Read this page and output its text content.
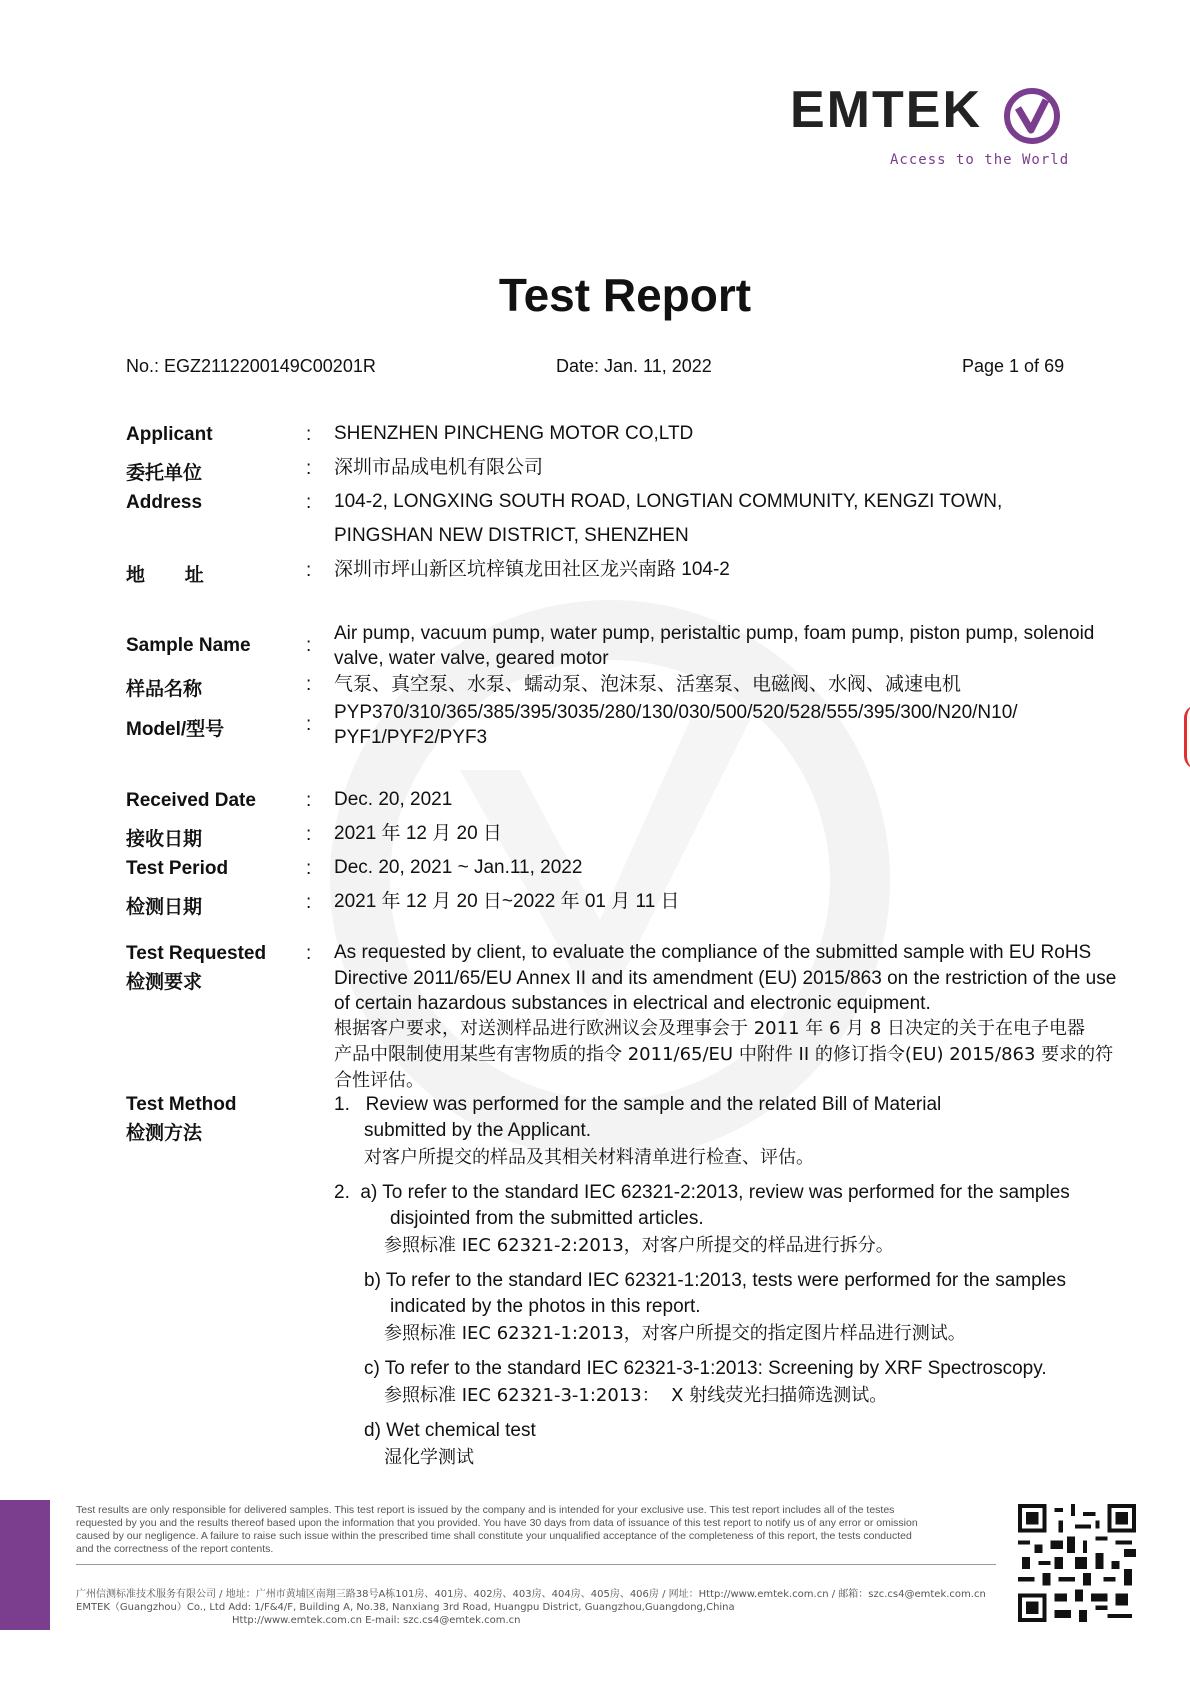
EMTEK
Access to the World
Test Report
No.: EGZ2112200149C00201R	Date: Jan. 11, 2022	Page 1 of 69
Applicant	: SHENZHEN PINCHENG MOTOR CO,LTD
委托单位	: 深圳市品成电机有限公司
Address	: 104-2, LONGXING SOUTH ROAD, LONGTIAN COMMUNITY, KENGZI TOWN,
PINGSHAN NEW DISTRICT, SHENZHEN
地      址	: 深圳市坪山新区坑梓镇龙田社区龙兴南路 104-2
Sample Name	:
Air pump, vacuum pump, water pump, peristaltic pump, foam pump, piston pump, solenoid
valve, water valve, geared motor
样品名称	: 气泵、真空泵、水泵、蠕动泵、泡沫泵、活塞泵、电磁阀、水阀、减速电机
Model/型号	:
PYP370/310/365/385/395/3035/280/130/030/500/520/528/555/395/300/N20/N10/
PYF1/PYF2/PYF3
Received Date	: Dec. 20, 2021
接收日期	: 2021 年 12 月 20 日
Test Period	: Dec. 20, 2021 ~ Jan.11, 2022
检测日期	: 2021 年 12 月 20 日~2022 年 01 月 11 日
Test Requested
检测要求
: As requested by client, to evaluate the compliance of the submitted sample with EU RoHS
Directive 2011/65/EU Annex II and its amendment (EU) 2015/863 on the restriction of the use
of certain hazardous substances in electrical and electronic equipment.
根据客户要求，对送测样品进行欧洲议会及理事会于 2011 年 6 月 8 日决定的关于在电子电器
产品中限制使用某些有害物质的指令 2011/65/EU 中附件 II 的修订指令(EU) 2015/863 要求的符
合性评估。
Test Method
检测方法
1.   Review was performed for the sample and the related Bill of Material
submitted by the Applicant.
对客户所提交的样品及其相关材料清单进行检查、评估。
2.  a) To refer to the standard IEC 62321-2:2013, review was performed for the samples
disjointed from the submitted articles.
参照标准 IEC 62321-2:2013，对客户所提交的样品进行拆分。
b) To refer to the standard IEC 62321-1:2013, tests were performed for the samples
indicated by the photos in this report.
参照标准 IEC 62321-1:2013，对客户所提交的指定图片样品进行测试。
c) To refer to the standard IEC 62321-3-1:2013: Screening by XRF Spectroscopy.
参照标准 IEC 62321-3-1:2013：  X 射线荧光扫描筛选测试。
d) Wet chemical test
湿化学测试
Test results are only responsible for delivered samples. This test report is issued by the company and is intended for your exclusive use. This test report includes all of the testes
requested by you and the results thereof based upon the information that you provided. You have 30 days from data of issuance of this test report to notify us of any error or omission
caused by our negligence. A failure to raise such issue within the prescribed time shall constitute your unqualified acceptance of the completeness of this report, the tests conducted
and the correctness of the report contents.
广州信测标准技术服务有限公司 / 地址：广州市黄埔区南翔三路38号A栋101房、401房、402房、403房、404房、405房、406房 / 网址：Http://www.emtek.com.cn / 邮箱：szc.cs4@emtek.com.cn
EMTEK（Guangzhou）Co., Ltd Add: 1/F&4/F, Building A, No.38, Nanxiang 3rd Road, Huangpu District, Guangzhou,Guangdong,China
Http://www.emtek.com.cn E-mail: szc.cs4@emtek.com.cn
